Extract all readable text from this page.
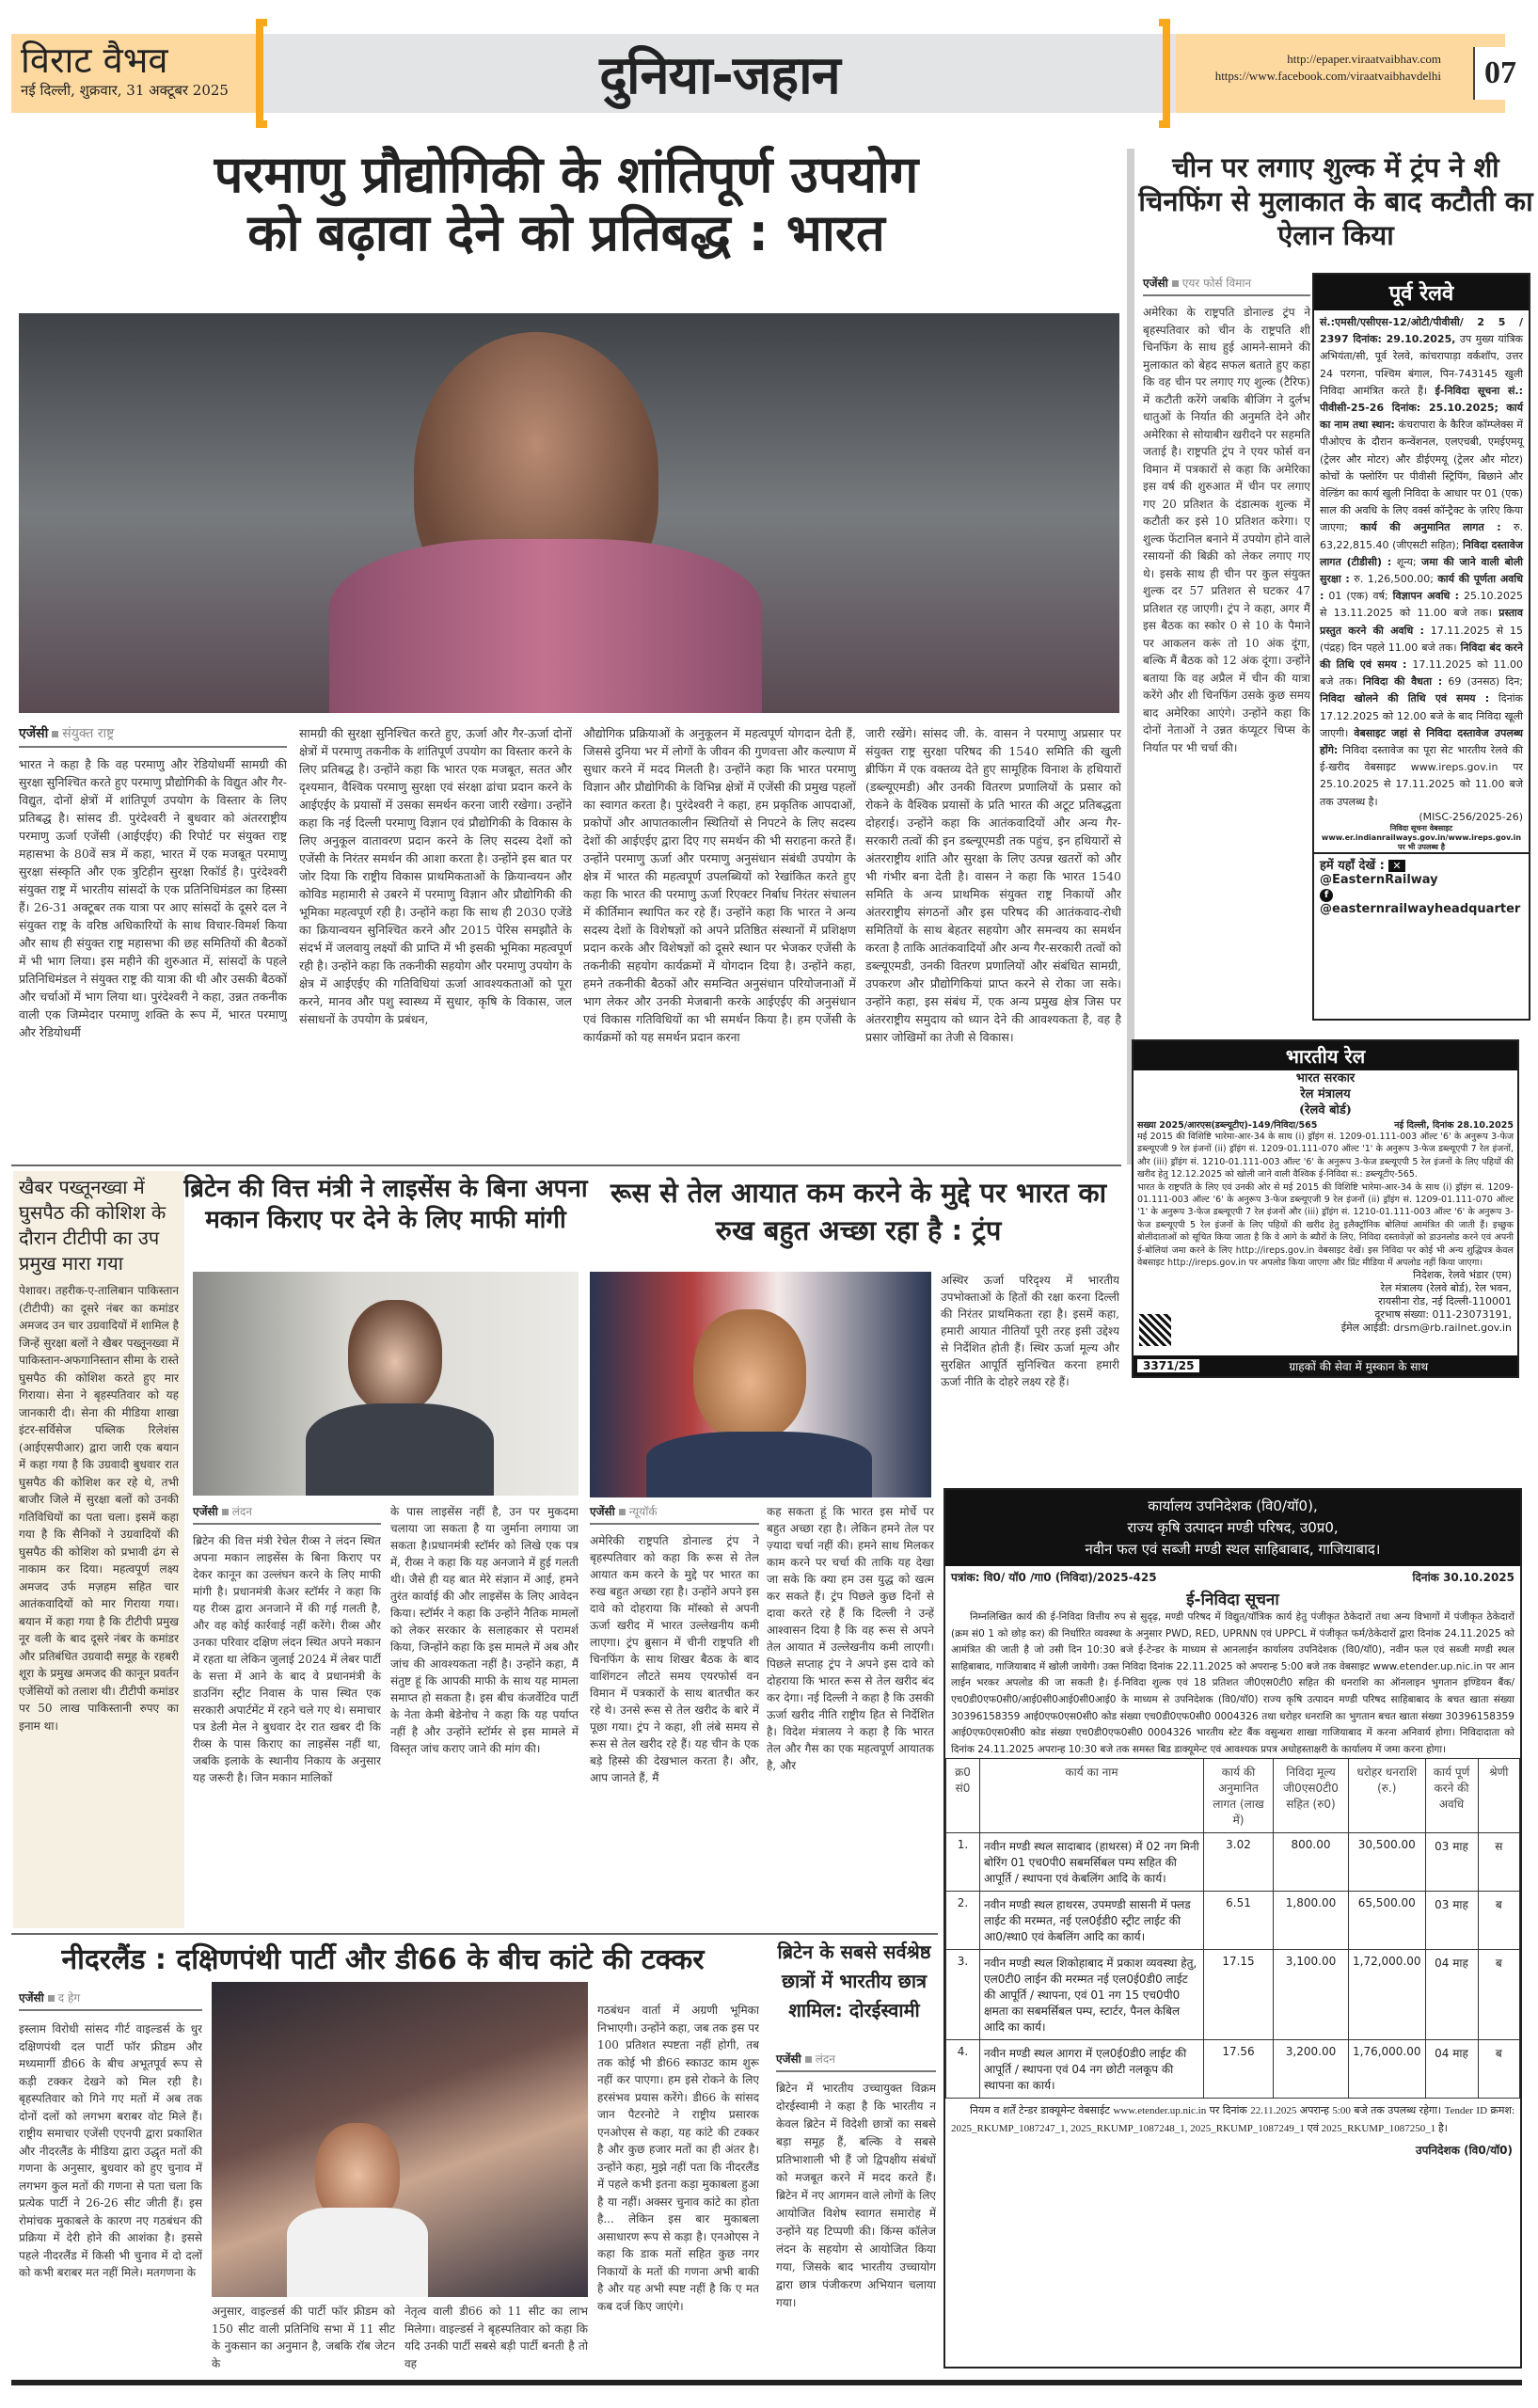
विराट वैभव
नई दिल्ली, शुक्रवार, 31 अक्टूबर 2025	दुनिया-जहान	http://epaper.viraatvaibhav.com
https://www.facebook.com/viraatvaibhavdelhi	07
परमाणु प्रौद्योगिकी के शांतिपूर्ण उपयोग
को बढ़ावा देने को प्रतिबद्ध : भारत
एजेंसी संयुक्त राष्ट्र
भारत ने कहा है कि वह परमाणु और रेडियोधर्मी सामग्री की सुरक्षा सुनिश्चित करते हुए परमाणु प्रौद्योगिकी के विद्युत और गैर-विद्युत, दोनों क्षेत्रों में शांतिपूर्ण उपयोग के विस्तार के लिए प्रतिबद्ध है। सांसद डी. पुरंदेश्वरी ने बुधवार को अंतरराष्ट्रीय परमाणु ऊर्जा एजेंसी (आईएईए) की रिपोर्ट पर संयुक्त राष्ट्र महासभा के 80वें सत्र में कहा, भारत में एक मजबूत परमाणु सुरक्षा संस्कृति और एक त्रुटिहीन सुरक्षा रिकॉर्ड है। पुरंदेश्वरी संयुक्त राष्ट्र में भारतीय सांसदों के एक प्रतिनिधिमंडल का हिस्सा हैं। 26-31 अक्टूबर तक यात्रा पर आए सांसदों के दूसरे दल ने संयुक्त राष्ट्र के वरिष्ठ अधिकारियों के साथ विचार-विमर्श किया और साथ ही संयुक्त राष्ट्र महासभा की छह समितियों की बैठकों में भी भाग लिया। इस महीने की शुरुआत में, सांसदों के पहले प्रतिनिधिमंडल ने संयुक्त राष्ट्र की यात्रा की थी और उसकी बैठकों और चर्चाओं में भाग लिया था। पुरंदेश्वरी ने कहा, उन्नत तकनीक वाली एक जिम्मेदार परमाणु शक्ति के रूप में, भारत परमाणु और रेडियोधर्मी
सामग्री की सुरक्षा सुनिश्चित करते हुए, ऊर्जा और गैर-ऊर्जा दोनों क्षेत्रों में परमाणु तकनीक के शांतिपूर्ण उपयोग का विस्तार करने के लिए प्रतिबद्ध है। उन्होंने कहा कि भारत एक मजबूत, सतत और दृश्यमान, वैश्विक परमाणु सुरक्षा एवं संरक्षा ढांचा प्रदान करने के आईएईए के प्रयासों में उसका समर्थन करना जारी रखेगा। उन्होंने कहा कि नई दिल्ली परमाणु विज्ञान एवं प्रौद्योगिकी के विकास के लिए अनुकूल वातावरण प्रदान करने के लिए सदस्य देशों को एजेंसी के निरंतर समर्थन की आशा करता है। उन्होंने इस बात पर जोर दिया कि राष्ट्रीय विकास प्राथमिकताओं के क्रियान्वयन और कोविड महामारी से उबरने में परमाणु विज्ञान और प्रौद्योगिकी की भूमिका महत्वपूर्ण रही है। उन्होंने कहा कि साथ ही 2030 एजेंडे का क्रियान्वयन सुनिश्चित करने और 2015 पेरिस समझौते के संदर्भ में जलवायु लक्ष्यों की प्राप्ति में भी इसकी भूमिका महत्वपूर्ण रही है। उन्होंने कहा कि तकनीकी सहयोग और परमाणु उपयोग के क्षेत्र में आईएईए की गतिविधियां ऊर्जा आवश्यकताओं को पूरा करने, मानव और पशु स्वास्थ्य में सुधार, कृषि के विकास, जल संसाधनों के उपयोग के प्रबंधन,
औद्योगिक प्रक्रियाओं के अनुकूलन में महत्वपूर्ण योगदान देती हैं, जिससे दुनिया भर में लोगों के जीवन की गुणवत्ता और कल्याण में सुधार करने में मदद मिलती है। उन्होंने कहा कि भारत परमाणु विज्ञान और प्रौद्योगिकी के विभिन्न क्षेत्रों में एजेंसी की प्रमुख पहलों का स्वागत करता है। पुरंदेश्वरी ने कहा, हम प्रकृतिक आपदाओं, प्रकोपों और आपातकालीन स्थितियों से निपटने के लिए सदस्य देशों की आईएईए द्वारा दिए गए समर्थन की भी सराहना करते हैं। उन्होंने परमाणु ऊर्जा और परमाणु अनुसंधान संबंधी उपयोग के क्षेत्र में भारत की महत्वपूर्ण उपलब्धियों को रेखांकित करते हुए कहा कि भारत की परमाणु ऊर्जा रिएक्टर निर्बाध निरंतर संचालन में कीर्तिमान स्थापित कर रहे हैं। उन्होंने कहा कि भारत ने अन्य सदस्य देशों के विशेषज्ञों को अपने प्रतिष्ठित संस्थानों में प्रशिक्षण प्रदान करके और विशेषज्ञों को दूसरे स्थान पर भेजकर एजेंसी के तकनीकी सहयोग कार्यक्रमों में योगदान दिया है। उन्होंने कहा, हमने तकनीकी बैठकों और समन्वित अनुसंधान परियोजनाओं में भाग लेकर और उनकी मेजबानी करके आईएईए की अनुसंधान एवं विकास गतिविधियों का भी समर्थन किया है। हम एजेंसी के कार्यक्रमों को यह समर्थन प्रदान करना
जारी रखेंगे। सांसद जी. के. वासन ने परमाणु अप्रसार पर संयुक्त राष्ट्र सुरक्षा परिषद की 1540 समिति की खुली ब्रीफिंग में एक वक्तव्य देते हुए सामूहिक विनाश के हथियारों (डब्ल्यूएमडी) और उनकी वितरण प्रणालियों के प्रसार को रोकने के वैश्विक प्रयासों के प्रति भारत की अटूट प्रतिबद्धता दोहराई। उन्होंने कहा कि आतंकवादियों और अन्य गैर-सरकारी तत्वों की इन डब्ल्यूएमडी तक पहुंच, इन हथियारों से अंतरराष्ट्रीय शांति और सुरक्षा के लिए उत्पन्न खतरों को और भी गंभीर बना देती है। वासन ने कहा कि भारत 1540 समिति के अन्य प्राथमिक संयुक्त राष्ट्र निकायों और अंतरराष्ट्रीय संगठनों और इस परिषद की आतंकवाद-रोधी समितियों के साथ बेहतर सहयोग और समन्वय का समर्थन करता है ताकि आतंकवादियों और अन्य गैर-सरकारी तत्वों को डब्ल्यूएमडी, उनकी वितरण प्रणालियों और संबंधित सामग्री, उपकरण और प्रौद्योगिकियां प्राप्त करने से रोका जा सके। उन्होंने कहा, इस संबंध में, एक अन्य प्रमुख क्षेत्र जिस पर अंतरराष्ट्रीय समुदाय को ध्यान देने की आवश्यकता है, वह है प्रसार जोखिमों का तेजी से विकास।
चीन पर लगाए शुल्क में ट्रंप ने शी चिनफिंग से मुलाकात के बाद कटौती का ऐलान किया
एजेंसी एयर फोर्स विमान
अमेरिका के राष्ट्रपति डोनाल्ड ट्रंप ने बृहस्पतिवार को चीन के राष्ट्रपति शी चिनफिंग के साथ हुई आमने-सामने की मुलाकात को बेहद सफल बताते हुए कहा कि वह चीन पर लगाए गए शुल्क (टैरिफ) में कटौती करेंगे जबकि बीजिंग ने दुर्लभ धातुओं के निर्यात की अनुमति देने और अमेरिका से सोयाबीन खरीदने पर सहमति जताई है। राष्ट्रपति ट्रंप ने एयर फोर्स वन विमान में पत्रकारों से कहा कि अमेरिका इस वर्ष की शुरुआत में चीन पर लगाए गए 20 प्रतिशत के दंडात्मक शुल्क में कटौती कर इसे 10 प्रतिशत करेगा। ए शुल्क फेंटानिल बनाने में उपयोग होने वाले रसायनों की बिक्री को लेकर लगाए गए थे। इसके साथ ही चीन पर कुल संयुक्त शुल्क दर 57 प्रतिशत से घटकर 47 प्रतिशत रह जाएगी। ट्रंप ने कहा, अगर मैं इस बैठक का स्कोर 0 से 10 के पैमाने पर आकलन करूं तो 10 अंक दूंगा, बल्कि मैं बैठक को 12 अंक दूंगा। उन्होंने बताया कि वह अप्रैल में चीन की यात्रा करेंगे और शी चिनफिंग उसके कुछ समय बाद अमेरिका आएंगे। उन्होंने कहा कि दोनों नेताओं ने उन्नत कंप्यूटर चिप्स के निर्यात पर भी चर्चा की।
पूर्व रेलवे

सं.:एमसी/एसीएस-12/ओटी/पीवीसी/ 2 5 / 2397 दिनांक: 29.10.2025, उप मुख्य यांत्रिक अभियंता/सी, पूर्व रेलवे, कांचरापाड़ा वर्कशॉप, उत्तर 24 परगना, पश्चिम बंगाल, पिन-743145 खुली निविदा आमंत्रित करते हैं। ई-निविदा सूचना सं.: पीवीसी-25-26 दिनांक: 25.10.2025; कार्य का नाम तथा स्थान: कंचरापारा के कैरिज कॉम्प्लेक्स में पीओएच के दौरान कन्वेंशनल, एलएचबी, एमईएमयू (ट्रेलर और मोटर) और डीईएमयू (ट्रेलर और मोटर) कोचों के फ्लोरिंग पर पीवीसी स्ट्रिपिंग, बिछाने और वेल्डिंग का कार्य खुली निविदा के आधार पर 01 (एक) साल की अवधि के लिए वर्क्स कॉन्ट्रैक्ट के ज़रिए किया जाएगा; कार्य की अनुमानित लागत : रु. 63,22,815.40 (जीएसटी सहित); निविदा दस्तावेज लागत (टीडीसी) : शून्य; जमा की जाने वाली बोली सुरक्षा : रु. 1,26,500.00; कार्य की पूर्णता अवधि : 01 (एक) वर्ष; विज्ञापन अवधि : 25.10.2025 से 13.11.2025 को 11.00 बजे तक। प्रस्ताव प्रस्तुत करने की अवधि : 17.11.2025 से 15 (पंद्रह) दिन पहले 11.00 बजे तक। निविदा बंद करने की तिथि एवं समय : 17.11.2025 को 11.00 बजे तक। निविदा की वैधता : 69 (उनसठ) दिन; निविदा खोलने की तिथि एवं समय : दिनांक 17.12.2025 को 12.00 बजे के बाद निविदा खूली जाएगी। वेबसाइट जहां से निविदा दस्तावेज उपलब्ध होंगे: निविदा दस्तावेज का पूरा सेट भारतीय रेलवे की ई-खरीद वेबसाइट www.ireps.gov.in पर 25.10.2025 से 17.11.2025 को 11.00 बजे तक उपलब्ध है।

(MISC-256/2025-26)
निविदा सूचना वेबसाइट www.er.indianrailways.gov.in/www.ireps.gov.in पर भी उपलब्ध है
हमें यहाँ देखें : ✕ @EasternRailway
f @easternrailwayheadquarter
भारतीय रेल
भारत सरकार
रेल मंत्रालय
(रेलवे बोर्ड)
सख्या 2025/आरएस(डब्ल्यूटीए)-149/निविदा/565	नई दिल्ली, दिनांक 28.10.2025

मई 2015 की विशिष्टि भारेमा-आर-34 के साथ (i) ड्रॉइंग सं. 1209-01.111-003 ऑल्ट '6' के अनुरूप 3-फेज डब्ल्यूएजी 9 रेल इंजनों (ii) ड्रॉइंग सं. 1209-01.111-070 ऑल्ट '1' के अनुरूप 3-फेज डब्ल्यूएपी 7 रेल इंजनों, और (iii) ड्रॉइंग सं. 1210-01.111-003 ऑल्ट '6' के अनुरूप 3-फेज डब्ल्यूएपी 5 रेल इंजनों के लिए पहियों की खरीद हेतु 12.12.2025 को खोली जाने वाली वैश्विक ई-निविदा सं.: डब्ल्यूटीए-565.

भारत के राष्ट्रपति के लिए एवं उनकी ओर से मई 2015 की विशिष्टि भारेमा-आर-34 के साथ (i) ड्रॉइंग सं. 1209-01.111-003 ऑल्ट '6' के अनुरूप 3-फेज डब्ल्यूएजी 9 रेल इंजनों (ii) ड्रॉइंग सं. 1209-01.111-070 ऑल्ट '1' के अनुरूप 3-फेज डब्ल्यूएपी 7 रेल इंजनों और (iii) ड्रॉइंग सं. 1210-01.111-003 ऑल्ट '6' के अनुरूप 3-फेज डब्ल्यूएपी 5 रेल इंजनों के लिए पहियों की खरीद हेतु इलैक्ट्रॉनिक बोलियां आमंत्रित की जाती हैं। इच्छुक बोलीदाताओं को सूचित किया जाता है कि वे आगे के ब्यौरों के लिए, निविदा दस्तावेज़ों को डाउनलोड करने एवं अपनी ई-बोलियां जमा करने के लिए http://ireps.gov.in वेबसाइट देखें। इस निविदा पर कोई भी अन्य शुद्धिपत्र केवल वेबसाइट http://ireps.gov.in पर अपलोड किया जाएगा और प्रिंट मीडिया में अपलोड नहीं किया जाएगा।

निदेशक, रेलवे भंडार (एम)
रेल मंत्रालय (रेलवे बोर्ड), रेल भवन,
रायसीना रोड, नई दिल्ली-110001
दूरभाष संख्या: 011-23073191,
ईमेल आईडी: drsm@rb.railnet.gov.in
3371/25	ग्राहकों की सेवा में मुस्कान के साथ
खैबर पख्तूनख्वा में घुसपैठ की कोशिश के दौरान टीटीपी का उप प्रमुख मारा गया
पेशावर। तहरीक-ए-तालिबान पाकिस्तान (टीटीपी) का दूसरे नंबर का कमांडर अमजद उन चार उग्रवादियों में शामिल है जिन्हें सुरक्षा बलों ने खैबर पख्तूनख्वा में पाकिस्तान-अफगानिस्तान सीमा के रास्ते घुसपैठ की कोशिश करते हुए मार गिराया। सेना ने बृहस्पतिवार को यह जानकारी दी। सेना की मीडिया शाखा इंटर-सर्विसेज पब्लिक रिलेशंस (आईएसपीआर) द्वारा जारी एक बयान में कहा गया है कि उग्रवादी बुधवार रात घुसपैठ की कोशिश कर रहे थे, तभी बाजौर जिले में सुरक्षा बलों को उनकी गतिविधियों का पता चला। इसमें कहा गया है कि सैनिकों ने उग्रवादियों की घुसपैठ की कोशिश को प्रभावी ढंग से नाकाम कर दिया। महत्वपूर्ण लक्ष्य अमजद उर्फ मज़हम सहित चार आतंकवादियों को मार गिराया गया। बयान में कहा गया है कि टीटीपी प्रमुख नूर वली के बाद दूसरे नंबर के कमांडर और प्रतिबंधित उग्रवादी समूह के रहबरी शूरा के प्रमुख अमजद की कानून प्रवर्तन एजेंसियों को तलाश थी। टीटीपी कमांडर पर 50 लाख पाकिस्तानी रुपए का इनाम था।
ब्रिटेन की वित्त मंत्री ने लाइसेंस के बिना अपना मकान किराए पर देने के लिए माफी मांगी
एजेंसी लंदन
ब्रिटेन की वित्त मंत्री रेचेल रीव्स ने लंदन स्थित अपना मकान लाइसेंस के बिना किराए पर देकर कानून का उल्लंघन करने के लिए माफी मांगी है। प्रधानमंत्री केअर स्टॉर्मर ने कहा कि यह रीव्स द्वारा अनजाने में की गई गलती है, और वह कोई कार्रवाई नहीं करेंगे। रीव्स और उनका परिवार दक्षिण लंदन स्थित अपने मकान में रहता था लेकिन जुलाई 2024 में लेबर पार्टी के सत्ता में आने के बाद वे प्रधानमंत्री के डाउनिंग स्ट्रीट निवास के पास स्थित एक सरकारी अपार्टमेंट में रहने चले गए थे। समाचार पत्र डेली मेल ने बुधवार देर रात खबर दी कि रीव्स के पास किराए का लाइसेंस नहीं था, जबकि इलाके के स्थानीय निकाय के अनुसार यह जरूरी है। जिन मकान मालिकों
के पास लाइसेंस नहीं है, उन पर मुकदमा चलाया जा सकता है या जुर्माना लगाया जा सकता है।प्रधानमंत्री स्टॉर्मर को लिखे एक पत्र में, रीव्स ने कहा कि यह अनजाने में हुई गलती थी। जैसे ही यह बात मेरे संज्ञान में आई, हमने तुरंत कार्वाई की और लाइसेंस के लिए आवेदन किया। स्टॉर्मर ने कहा कि उन्होंने नैतिक मामलों को लेकर सरकार के सलाहकार से परामर्श किया, जिन्होंने कहा कि इस मामले में अब और जांच की आवश्यकता नहीं है। उन्होंने कहा, मैं संतुष्ट हूं कि आपकी माफी के साथ यह मामला समाप्त हो सकता है। इस बीच कंजर्वेटिव पार्टी के नेता केमी बेडेनोच ने कहा कि यह पर्याप्त नहीं है और उन्होंने स्टॉर्मर से इस मामले में विस्तृत जांच कराए जाने की मांग की।
रूस से तेल आयात कम करने के मुद्दे पर भारत का रुख बहुत अच्छा रहा है : ट्रंप
अस्थिर ऊर्जा परिदृश्य में भारतीय उपभोक्ताओं के हितों की रक्षा करना दिल्ली की निरंतर प्राथमिकता रहा है। इसमें कहा, हमारी आयात नीतियाँ पूरी तरह इसी उद्देश्य से निर्देशित होती हैं। स्थिर ऊर्जा मूल्य और सुरक्षित आपूर्ति सुनिश्चित करना हमारी ऊर्जा नीति के दोहरे लक्ष्य रहे हैं।
एजेंसी न्यूयॉर्क
अमेरिकी राष्ट्रपति डोनाल्ड ट्रंप ने बृहस्पतिवार को कहा कि रूस से तेल आयात कम करने के मुद्दे पर भारत का रुख बहुत अच्छा रहा है। उन्होंने अपने इस दावे को दोहराया कि मॉस्को से अपनी ऊर्जा खरीद में भारत उल्लेखनीय कमी लाएगा। ट्रंप ब्रुसान में चीनी राष्ट्रपति शी चिनफिंग के साथ शिखर बैठक के बाद वाशिंगटन लौटते समय एयरफोर्स वन विमान में पत्रकारों के साथ बातचीत कर रहे थे। उनसे रूस से तेल खरीद के बारे में पूछा गया। ट्रंप ने कहा, शी लंबे समय से रूस से तेल खरीद रहे हैं। यह चीन के एक बड़े हिस्से की देखभाल करता है। और, आप जानते हैं, मैं
कह सकता हूं कि भारत इस मोर्चे पर बहुत अच्छा रहा है। लेकिन हमने तेल पर ज़्यादा चर्चा नहीं की। हमने साथ मिलकर काम करने पर चर्चा की ताकि यह देखा जा सके कि क्या हम उस युद्ध को खत्म कर सकते हैं। ट्रंप पिछले कुछ दिनों से दावा करते रहे हैं कि दिल्ली ने उन्हें आश्वासन दिया है कि वह रूस से अपने तेल आयात में उल्लेखनीय कमी लाएगी। पिछले सप्ताह ट्रंप ने अपने इस दावे को दोहराया कि भारत रूस से तेल खरीद बंद कर देगा। नई दिल्ली ने कहा है कि उसकी ऊर्जा खरीद नीति राष्ट्रीय हित से निर्देशित है। विदेश मंत्रालय ने कहा है कि भारत तेल और गैस का एक महत्वपूर्ण आयातक है, और
कार्यालय उपनिदेशक (वि0/यॉ0),
राज्य कृषि उत्पादन मण्डी परिषद, उ0प्र0,
नवीन फल एवं सब्जी मण्डी स्थल साहिबाबाद, गाजियाबाद।
पत्रांक: वि0/ यॉ0 /गा0 (निविदा)/2025-425	दिनांक 30.10.2025
ई-निविदा सूचना

निम्नलिखित कार्य की ई-निविदा वित्तीय रुप से सुदृढ़, मण्डी परिषद में विद्युत/यॉत्रिक कार्य हेतु पंजीकृत ठेकेदारों तथा अन्य विभागों में पंजीकृत ठेकेदारों (क्रम सं0 1 को छोड़ कर) की निर्धारित व्यवस्था के अनुसार PWD, RED, UPRNN एवं UPPCL में पंजीकृत फर्म/ठेकेदारों द्वारा दिनांक 24.11.2025 को आमंत्रित की जाती है जो उसी दिन 10:30 बजे ई-टेन्डर के माध्यम से आनलाईन कार्यालय उपनिदेशक (वि0/यॉ0), नवीन फल एवं सब्जी मण्डी स्थल साहिबाबाद, गाजियाबाद में खोली जायेगी। उक्त निविदा दिनांक 22.11.2025 को अपरान्ह 5:00 बजे तक वेबसाइट www.etender.up.nic.in पर आन लाईन भरकर अपलोड की जा सकती है। ई-निविदा शुल्क एवं 18 प्रतिशत जी0एस0टी0 सहित की धनराशि का ऑनलाइन भुगतान इण्डियन बैंक/एच0डी0एफ0सी0/आई0सी0आई0सी0आई0 के माध्यम से उपनिदेशक (वि0/यॉ0) राज्य कृषि उत्पादन मण्डी परिषद साहिबाबाद के बचत खाता संख्या 30396158359 आई0एफ0एस0सी0 कोड संख्या एच0डी0एफ0सी0 0004326 तथा धरोहर धनराशि का भुगतान बचत खाता संख्या 30396158359 आई0एफ0एस0सी0 कोड संख्या एच0डी0एफ0सी0 0004326 भारतीय स्टेट बैंक वसुन्धरा शाखा गाजियाबाद में करना अनिवार्य होगा। निविदादाता को दिनांक 24.11.2025 अपरान्ह 10:30 बजे तक समस्त बिड डाक्यूमेन्ट एवं आवश्यक प्रपत्र अधोहस्ताक्षरी के कार्यालय में जमा करना होगा।

क्र0 सं0	कार्य का नाम	कार्य की अनुमानित लागत (लाख में)	निविदा मूल्य जी0एस0टी0 सहित (रु0)	धरोहर धनराशि (रु.)	कार्य पूर्ण करने की अवधि	श्रेणी
1.	नवीन मण्डी स्थल सादाबाद (हाथरस) में 02 नग मिनी बोरिंग 01 एच0पी0 सबमर्सिबल पम्प सहित की आपूर्ति / स्थापना एवं केबलिंग आदि के कार्य।	3.02	800.00	30,500.00	03 माह	स
2.	नवीन मण्डी स्थल हाथरस, उपमण्डी सासनी में फ्लड लाईट की मरम्मत, नई एल0ईडी0 स्ट्रीट लाईट की आ0/स्था0 एवं केबलिंग आदि का कार्य।	6.51	1,800.00	65,500.00	03 माह	ब
3.	नवीन मण्डी स्थल शिकोहाबाद में प्रकाश व्यवस्था हेतु, एल0टी0 लाईन की मरम्मत नई एल0ई0डी0 लाईट की आपूर्ति / स्थापना, एवं 01 नग 15 एच0पी0 क्षमता का सबमर्सिबल पम्प, स्टार्टर, पैनल केबिल आदि का कार्य।	17.15	3,100.00	1,72,000.00	04 माह	ब
4.	नवीन मण्डी स्थल आगरा में एल0ई0डी0 लाईट की आपूर्ति / स्थापना एवं 04 नग छोटी नलकूप की स्थापना का कार्य।	17.56	3,200.00	1,76,000.00	04 माह	ब

नियम व शर्तें टेन्डर डाक्यूमेन्ट वेबसाईट www.etender.up.nic.in पर दिनांक 22.11.2025 अपरान्ह 5:00 बजे तक उपलब्ध रहेगा। Tender ID क्रमश: 2025_RKUMP_1087247_1, 2025_RKUMP_1087248_1, 2025_RKUMP_1087249_1 एवं 2025_RKUMP_1087250_1 है।

उपनिदेशक (वि0/यॉ0)
नीदरलैंड : दक्षिणपंथी पार्टी और डी66 के बीच कांटे की टक्कर
एजेंसी द हेग
इस्लाम विरोधी सांसद गीर्ट वाइल्डर्स के धुर दक्षिणपंथी दल पार्टी फॉर फ्रीडम और मध्यमार्गी डी66 के बीच अभूतपूर्व रूप से कड़ी टक्कर देखने को मिल रही है। बृहस्पतिवार को गिने गए मतों में अब तक दोनों दलों को लगभग बराबर वोट मिले हैं।राष्ट्रीय समाचार एजेंसी एएनपी द्वारा प्रकाशित और नीदरलैंड के मीडिया द्वारा उद्धृत मतों की गणना के अनुसार, बुधवार को हुए चुनाव में लगभग कुल मतों की गणना से पता चला कि प्रत्येक पार्टी ने 26-26 सीट जीती हैं। इस रोमांचक मुकाबले के कारण नए गठबंधन की प्रक्रिया में देरी होने की आशंका है। इससे पहले नीदरलैंड में किसी भी चुनाव में दो दलों को कभी बराबर मत नहीं मिले। मतगणना के
अनुसार, वाइल्डर्स की पार्टी फॉर फ्रीडम को 150 सीट वाली प्रतिनिधि सभा में 11 सीट के नुकसान का अनुमान है, जबकि रॉब जेटन के
नेतृत्व वाली डी66 को 11 सीट का लाभ मिलेगा। वाइल्डर्स ने बृहस्पतिवार को कहा कि यदि उनकी पार्टी सबसे बड़ी पार्टी बनती है तो वह
गठबंधन वार्ता में अग्रणी भूमिका निभाएगी। उन्होंने कहा, जब तक इस पर 100 प्रतिशत स्पष्टता नहीं होगी, तब तक कोई भी डी66 स्काउट काम शुरू नहीं कर पाएगा। हम इसे रोकने के लिए हरसंभव प्रयास करेंगे। डी66 के सांसद जान पैटरनोटे ने राष्ट्रीय प्रसारक एनओएस से कहा, यह कांटे की टक्कर है और कुछ हजार मतों का ही अंतर है। उन्होंने कहा, मुझे नहीं पता कि नीदरलैंड में पहले कभी इतना कड़ा मुकाबला हुआ है या नहीं। अक्सर चुनाव कांटे का होता है... लेकिन इस बार मुकाबला असाधारण रूप से कड़ा है। एनओएस ने कहा कि डाक मतों सहित कुछ नगर निकायों के मतों की गणना अभी बाकी है और यह अभी स्पष्ट नहीं है कि ए मत कब दर्ज किए जाएंगे।
ब्रिटेन के सबसे सर्वश्रेष्ठ छात्रों में भारतीय छात्र शामिल: दोरईस्वामी
एजेंसी लंदन
ब्रिटेन में भारतीय उच्चायुक्त विक्रम दोरईस्वामी ने कहा है कि भारतीय न केवल ब्रिटेन में विदेशी छात्रों का सबसे बड़ा समूह हैं, बल्कि वे सबसे प्रतिभाशाली भी हैं जो द्विपक्षीय संबंधों को मजबूत करने में मदद करते हैं। ब्रिटेन में नए आगमन वाले लोगों के लिए आयोजित विशेष स्वागत समारोह में उन्होंने यह टिप्पणी की। किंग्स कॉलेज लंदन के सहयोग से आयोजित किया गया, जिसके बाद भारतीय उच्चायोग द्वारा छात्र पंजीकरण अभियान चलाया गया।
